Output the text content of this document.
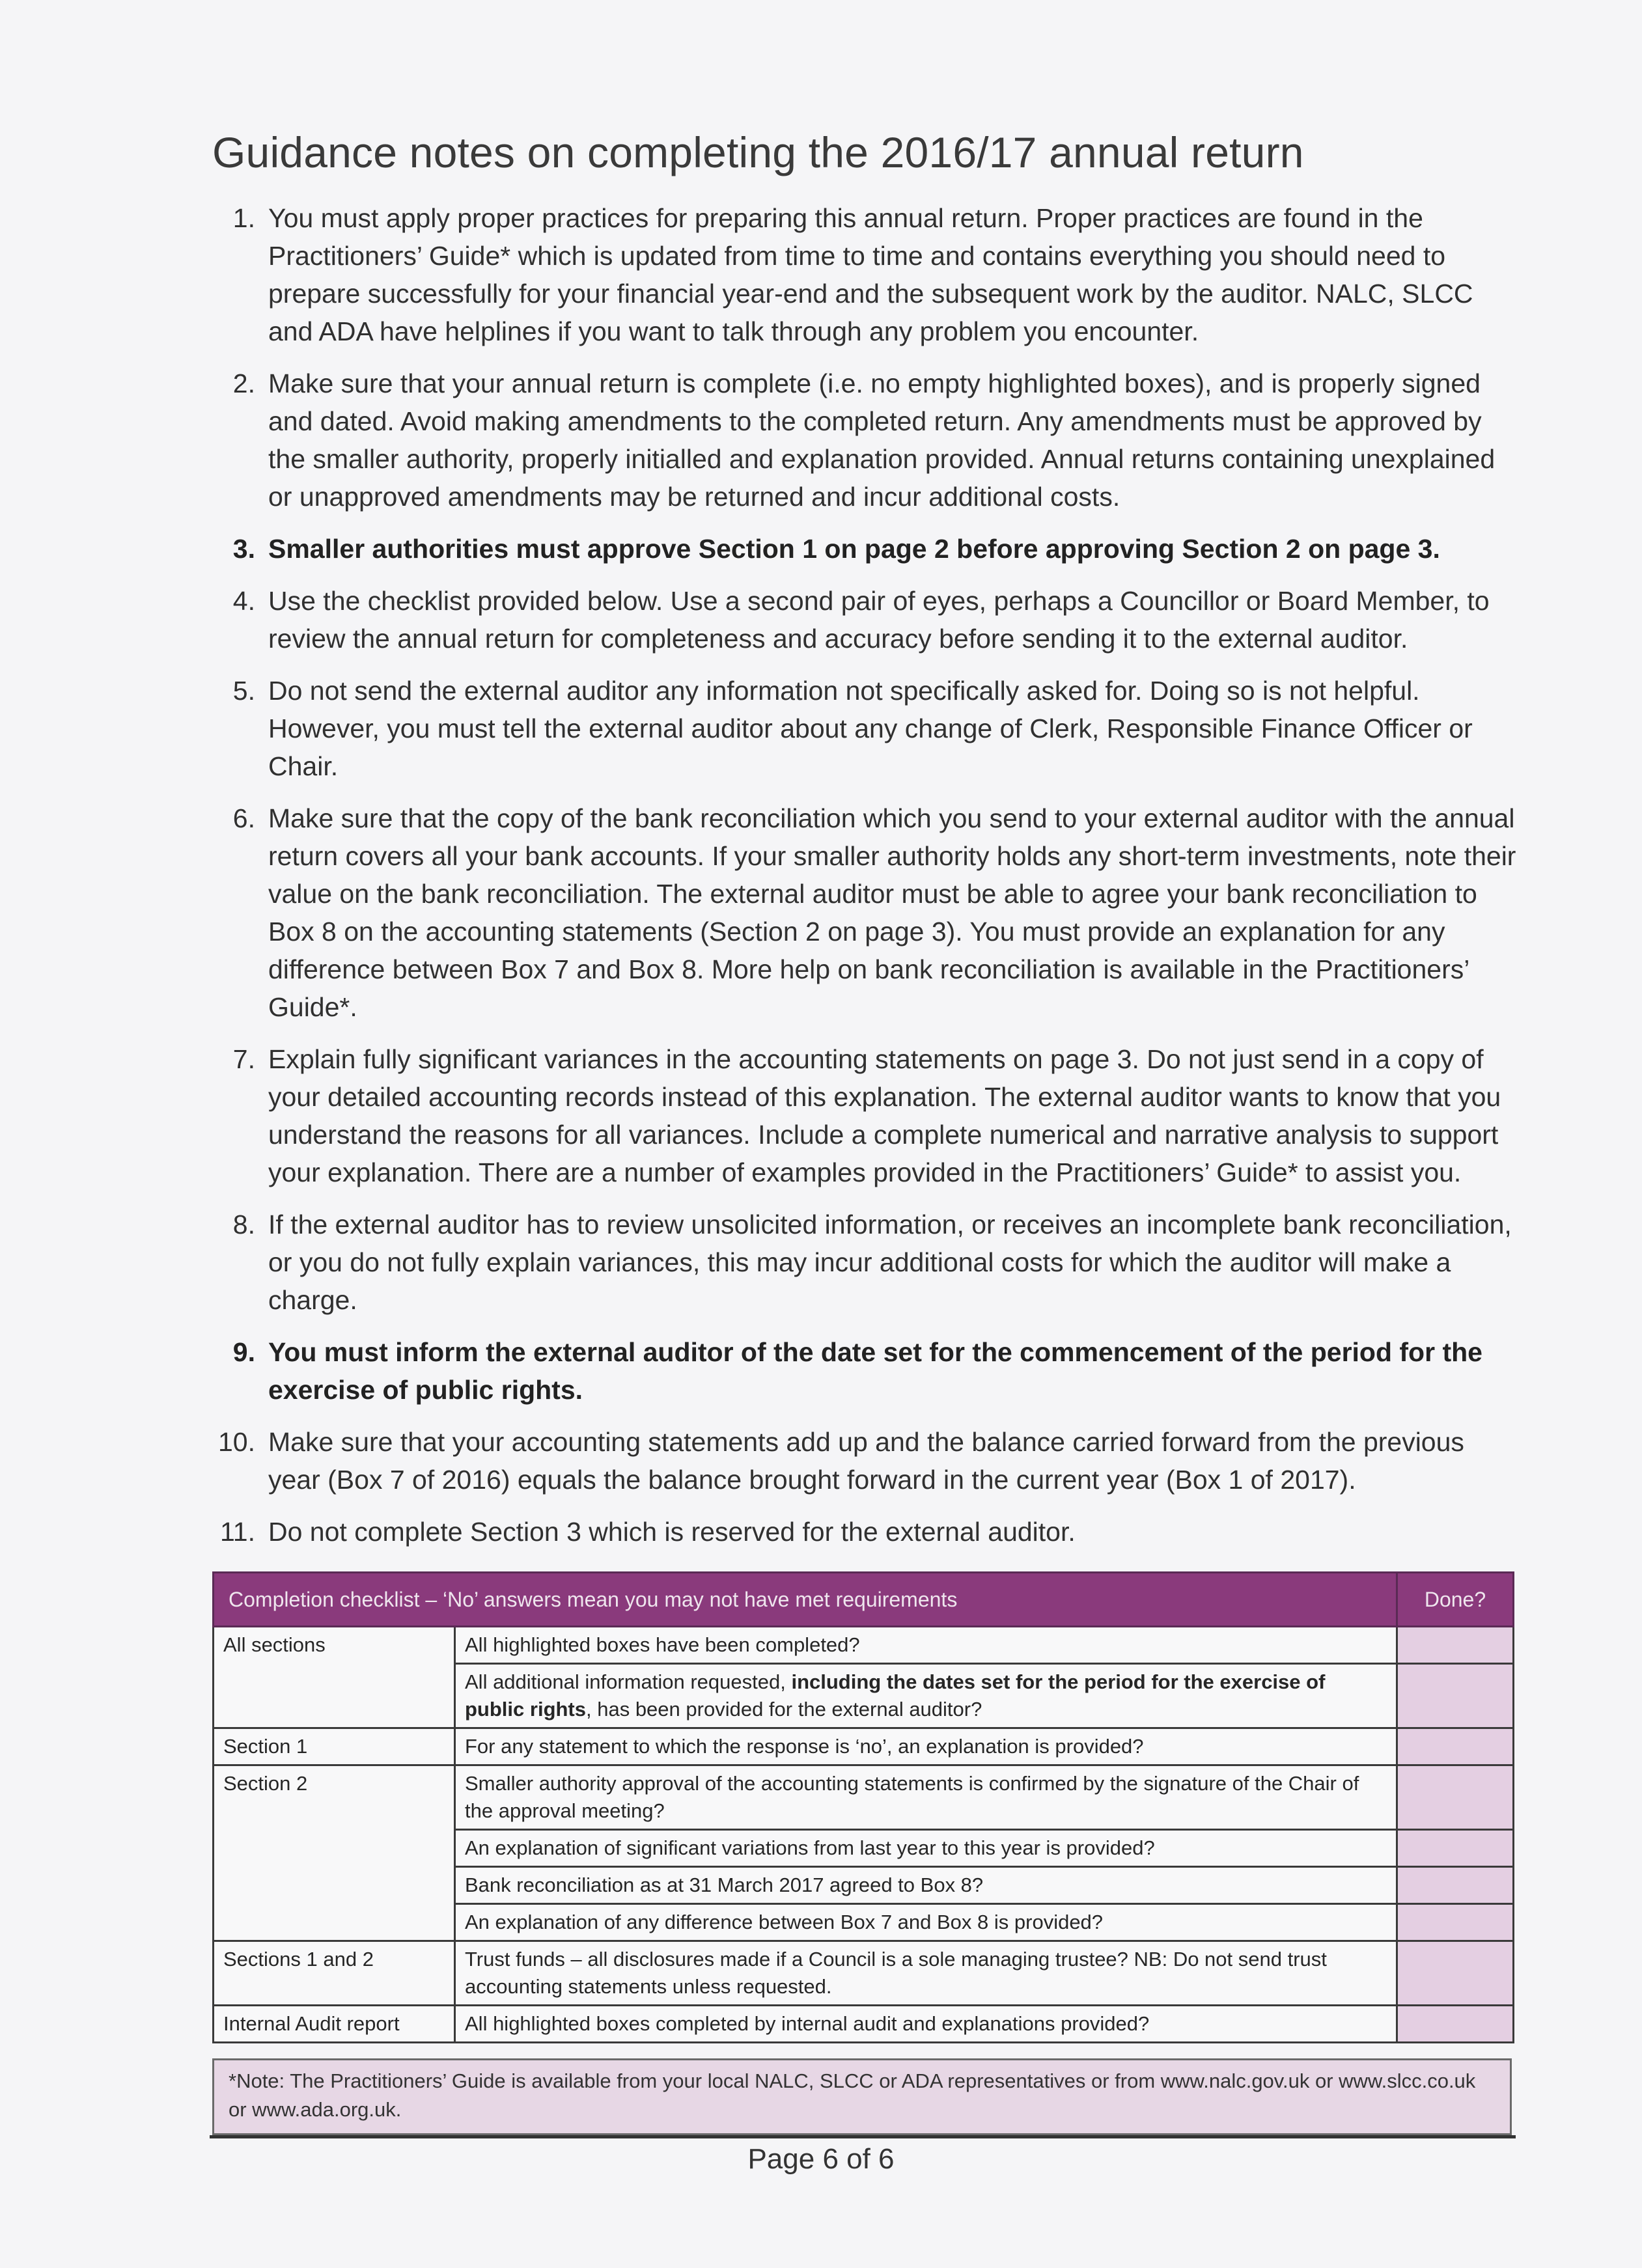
Guidance notes on completing the 2016/17 annual return
1. You must apply proper practices for preparing this annual return. Proper practices are found in the Practitioners’ Guide* which is updated from time to time and contains everything you should need to prepare successfully for your financial year-end and the subsequent work by the auditor. NALC, SLCC and ADA have helplines if you want to talk through any problem you encounter.
2. Make sure that your annual return is complete (i.e. no empty highlighted boxes), and is properly signed and dated. Avoid making amendments to the completed return. Any amendments must be approved by the smaller authority, properly initialled and explanation provided. Annual returns containing unexplained or unapproved amendments may be returned and incur additional costs.
3. Smaller authorities must approve Section 1 on page 2 before approving Section 2 on page 3.
4. Use the checklist provided below. Use a second pair of eyes, perhaps a Councillor or Board Member, to review the annual return for completeness and accuracy before sending it to the external auditor.
5. Do not send the external auditor any information not specifically asked for. Doing so is not helpful. However, you must tell the external auditor about any change of Clerk, Responsible Finance Officer or Chair.
6. Make sure that the copy of the bank reconciliation which you send to your external auditor with the annual return covers all your bank accounts. If your smaller authority holds any short-term investments, note their value on the bank reconciliation. The external auditor must be able to agree your bank reconciliation to Box 8 on the accounting statements (Section 2 on page 3). You must provide an explanation for any difference between Box 7 and Box 8. More help on bank reconciliation is available in the Practitioners’ Guide*.
7. Explain fully significant variances in the accounting statements on page 3. Do not just send in a copy of your detailed accounting records instead of this explanation. The external auditor wants to know that you understand the reasons for all variances. Include a complete numerical and narrative analysis to support your explanation. There are a number of examples provided in the Practitioners’ Guide* to assist you.
8. If the external auditor has to review unsolicited information, or receives an incomplete bank reconciliation, or you do not fully explain variances, this may incur additional costs for which the auditor will make a charge.
9. You must inform the external auditor of the date set for the commencement of the period for the exercise of public rights.
10. Make sure that your accounting statements add up and the balance carried forward from the previous year (Box 7 of 2016) equals the balance brought forward in the current year (Box 1 of 2017).
11. Do not complete Section 3 which is reserved for the external auditor.
Completion checklist – ‘No’ answers mean you may not have met requirements		Done?
All sections	All highlighted boxes have been completed?	
	All additional information requested, including the dates set for the period for the exercise of public rights, has been provided for the external auditor?	
Section 1	For any statement to which the response is ‘no’, an explanation is provided?	
Section 2	Smaller authority approval of the accounting statements is confirmed by the signature of the Chair of the approval meeting?	
	An explanation of significant variations from last year to this year is provided?	
	Bank reconciliation as at 31 March 2017 agreed to Box 8?	
	An explanation of any difference between Box 7 and Box 8 is provided?	
Sections 1 and 2	Trust funds – all disclosures made if a Council is a sole managing trustee? NB: Do not send trust accounting statements unless requested.	
Internal Audit report	All highlighted boxes completed by internal audit and explanations provided?	
*Note: The Practitioners’ Guide is available from your local NALC, SLCC or ADA representatives or from www.nalc.gov.uk or www.slcc.co.uk or www.ada.org.uk.
Page 6 of 6
